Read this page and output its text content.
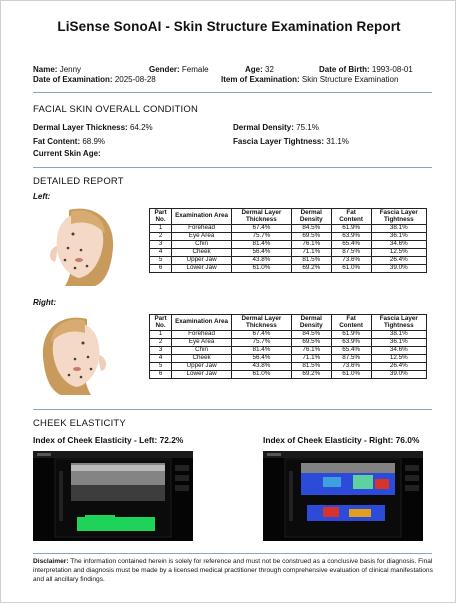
LiSense SonoAI - Skin Structure Examination Report
Name: Jenny	Gender: Female	Age: 32	Date of Birth: 1993-08-01
Date of Examination: 2025-08-28	Item of Examination: Skin Structure Examination
FACIAL SKIN OVERALL CONDITION
Dermal Layer Thickness: 64.2%	Dermal Density: 75.1%
Fat Content: 68.9%	Fascia Layer Tightness: 31.1%
Current Skin Age:
DETAILED REPORT
Left:
Part No.	Examination Area	Dermal Layer Thickness	Dermal Density	Fat Content	Fascia Layer Tightness
1	Forehead	67.4%	84.5%	61.9%	38.1%
2	Eye Area	75.7%	69.5%	63.9%	36.1%
3	Chin	81.4%	76.1%	65.4%	34.6%
4	Cheek	56.4%	71.1%	87.5%	12.5%
5	Upper Jaw	43.8%	81.5%	73.6%	26.4%
6	Lower Jaw	61.0%	69.2%	61.0%	39.0%
Right:
Part No.	Examination Area	Dermal Layer Thickness	Dermal Density	Fat Content	Fascia Layer Tightness
1	Forehead	67.4%	84.5%	61.9%	38.1%
2	Eye Area	75.7%	69.5%	63.9%	36.1%
3	Chin	81.4%	76.1%	65.4%	34.6%
4	Cheek	56.4%	71.1%	87.5%	12.5%
5	Upper Jaw	43.8%	81.5%	73.6%	26.4%
6	Lower Jaw	61.0%	69.2%	61.0%	39.0%
CHEEK ELASTICITY
Index of Cheek Elasticity - Left: 72.2%	Index of Cheek Elasticity - Right: 76.0%
Disclaimer: The information contained herein is solely for reference and must not be construed as a conclusive basis for diagnosis. Final interpretation and diagnosis must be made by a licensed medical practitioner through comprehensive evaluation of clinical manifestations and all ancillary findings.
